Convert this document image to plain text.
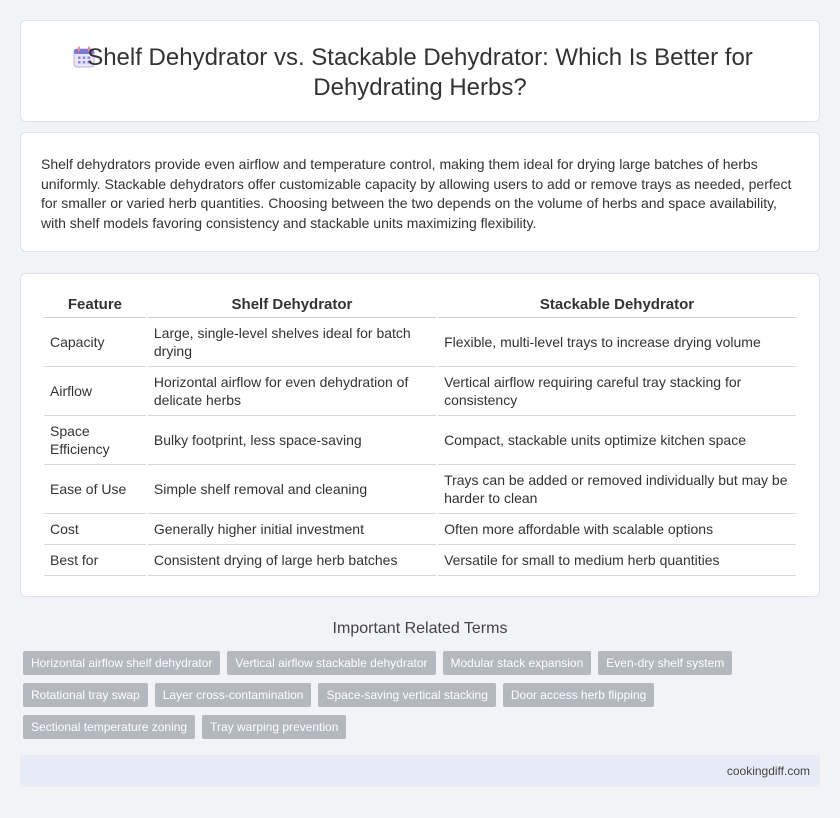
Shelf Dehydrator vs. Stackable Dehydrator: Which Is Better for Dehydrating Herbs?

Shelf dehydrators provide even airflow and temperature control, making them ideal for drying large batches of herbs uniformly. Stackable dehydrators offer customizable capacity by allowing users to add or remove trays as needed, perfect for smaller or varied herb quantities. Choosing between the two depends on the volume of herbs and space availability, with shelf models favoring consistency and stackable units maximizing flexibility.

Feature	Shelf Dehydrator	Stackable Dehydrator
Capacity	Large, single-level shelves ideal for batch drying	Flexible, multi-level trays to increase drying volume
Airflow	Horizontal airflow for even dehydration of delicate herbs	Vertical airflow requiring careful tray stacking for consistency
Space Efficiency	Bulky footprint, less space-saving	Compact, stackable units optimize kitchen space
Ease of Use	Simple shelf removal and cleaning	Trays can be added or removed individually but may be harder to clean
Cost	Generally higher initial investment	Often more affordable with scalable options
Best for	Consistent drying of large herb batches	Versatile for small to medium herb quantities
Important Related Terms
Horizontal airflow shelf dehydrator	Vertical airflow stackable dehydrator	Modular stack expansion	Even-dry shelf system
Rotational tray swap	Layer cross-contamination	Space-saving vertical stacking	Door access herb flipping
Sectional temperature zoning	Tray warping prevention
cookingdiff.com
